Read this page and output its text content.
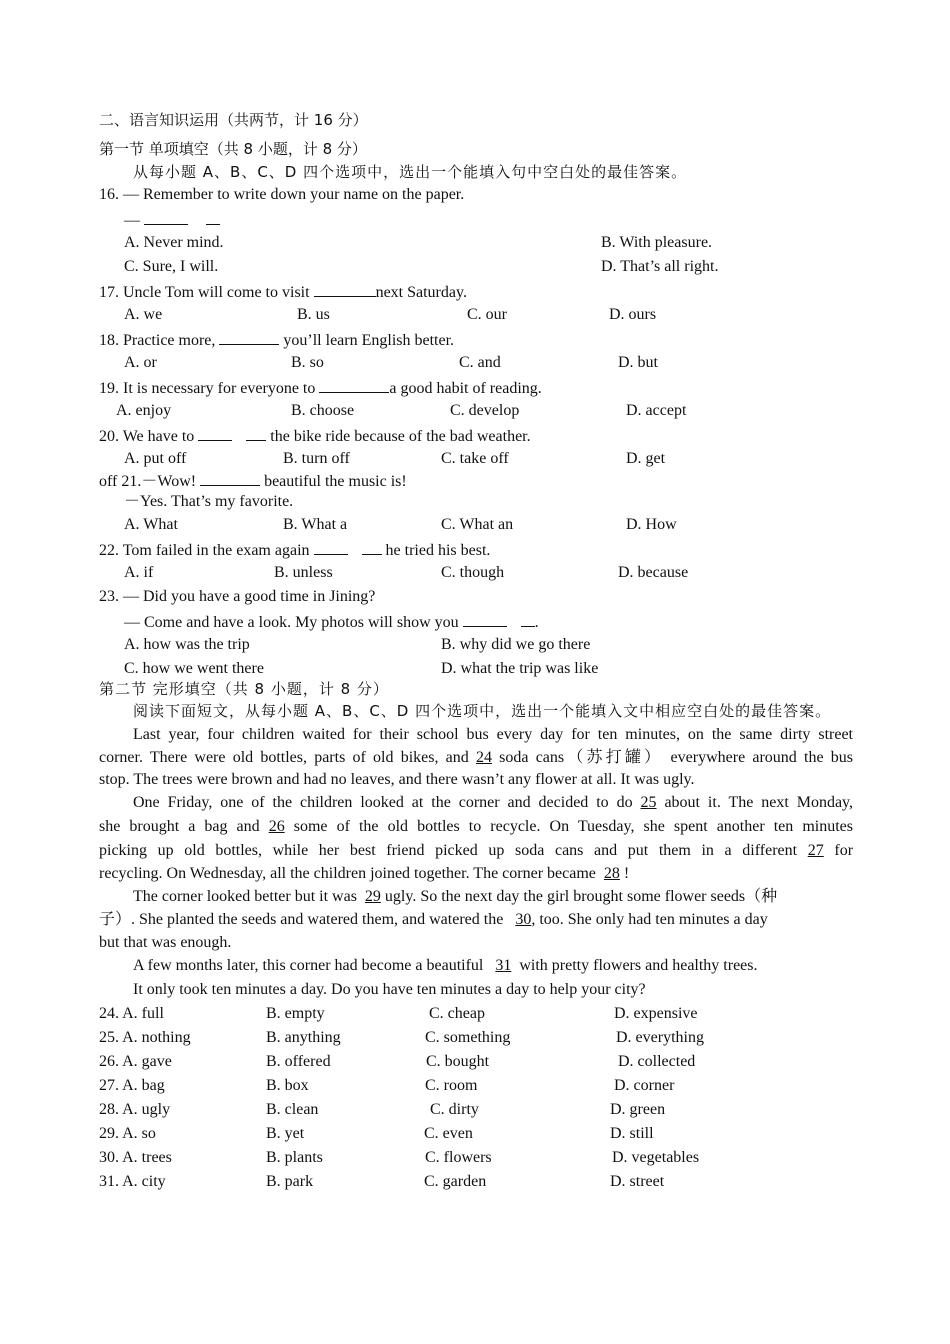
二、语言知识运用（共两节，计 16 分）
第一节 单项填空（共 8 小题，计 8 分）
从每小题 A、B、C、D 四个选项中，选出一个能填入句中空白处的最佳答案。
16. — Remember to write down your name on the paper.
—
A. Never mind.	B. With pleasure.
C. Sure, I will.	D. That’s all right.
17. Uncle Tom will come to visit	next Saturday.
A. we	B. us	C. our	D. ours
18. Practice more,	you’ll learn English better.
A. or	B. so	C. and	D. but
19. It is necessary for everyone to	a good habit of reading.
A. enjoy	B. choose	C. develop	D. accept
20. We have to	the bike ride because of the bad weather.
A. put off	B. turn off	C. take off	D. get
off 21.－Wow!	beautiful the music is!
－Yes. That’s my favorite.
A. What	B. What a	C. What an	D. How
22. Tom failed in the exam again	he tried his best.
A. if	B. unless	C. though	D. because
23. — Did you have a good time in Jining?
— Come and have a look. My photos will show you	.
A. how was the trip	B. why did we go there
C. how we went there	D. what the trip was like
第二节 完形填空（共 8 小题，计 8 分）
阅读下面短文，从每小题 A、B、C、D 四个选项中，选出一个能填入文中相应空白处的最佳答案。
Last year, four children waited for their school bus every day for ten minutes, on the same dirty street
corner. There were old bottles, parts of old bikes, and 24 soda cans（苏打罐） everywhere around the bus
stop. The trees were brown and had no leaves, and there wasn’t any flower at all. It was ugly.
One Friday, one of the children looked at the corner and decided to do 25 about it. The next Monday,
she brought a bag and 26 some of the old bottles to recycle. On Tuesday, she spent another ten minutes
picking up old bottles, while her best friend picked up soda cans and put them in a different 27 for
recycling. On Wednesday, all the children joined together. The corner became  28 !
The corner looked better but it was  29 ugly. So the next day the girl brought some flower seeds（种
子）. She planted the seeds and watered them, and watered the   30, too. She only had ten minutes a day
but that was enough.
A few months later, this corner had become a beautiful   31 with pretty flowers and healthy trees.
It only took ten minutes a day. Do you have ten minutes a day to help your city?
24. A. full	B. empty	C. cheap	D. expensive
25. A. nothing	B. anything	C. something	D. everything
26. A. gave	B. offered	C. bought	D. collected
27. A. bag	B. box	C. room	D. corner
28. A. ugly	B. clean	C. dirty	D. green
29. A. so	B. yet	C. even	D. still
30. A. trees	B. plants	C. flowers	D. vegetables
31. A. city	B. park	C. garden	D. street
